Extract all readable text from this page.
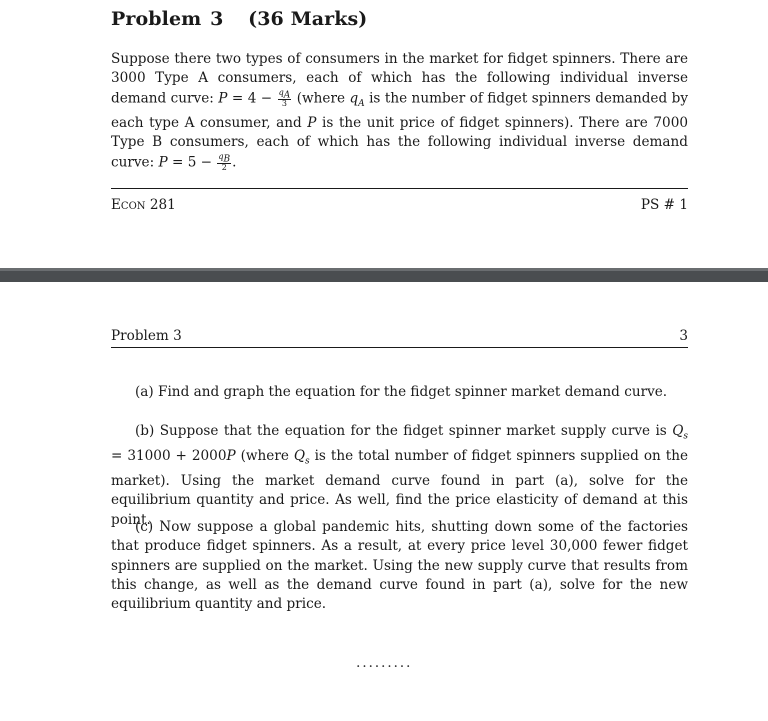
Problem 3 (36 Marks)

Suppose there two types of consumers in the market for fidget spinners. There are 3000 Type A consumers, each of which has the following individual inverse demand curve: $P = 4 - \frac{q_A}{3}$ (where $q_A$ is the number of fidget spinners demanded by each type A consumer, and P is the unit price of fidget spinners). There are 7000 Type B consumers, each of which has the following individual inverse demand curve: $P = 5 - \frac{q_B}{2}$ .

Econ 281	PS # 1
Problem 3	3

(a) Find and graph the equation for the fidget spinner market demand curve.

(b) Suppose that the equation for the fidget spinner market supply curve is $Q_s = 31000 + 2000P$ (where $Q_s$ is the total number of fidget spinners supplied on the market). Using the market demand curve found in part (a), solve for the equilibrium quantity and price. As well, find the price elasticity of demand at this point.

(c) Now suppose a global pandemic hits, shutting down some of the factories that produce fidget spinners. As a result, at every price level 30,000 fewer fidget spinners are supplied on the market. Using the new supply curve that results from this change, as well as the demand curve found in part (a), solve for the new equilibrium quantity and price.

.........
